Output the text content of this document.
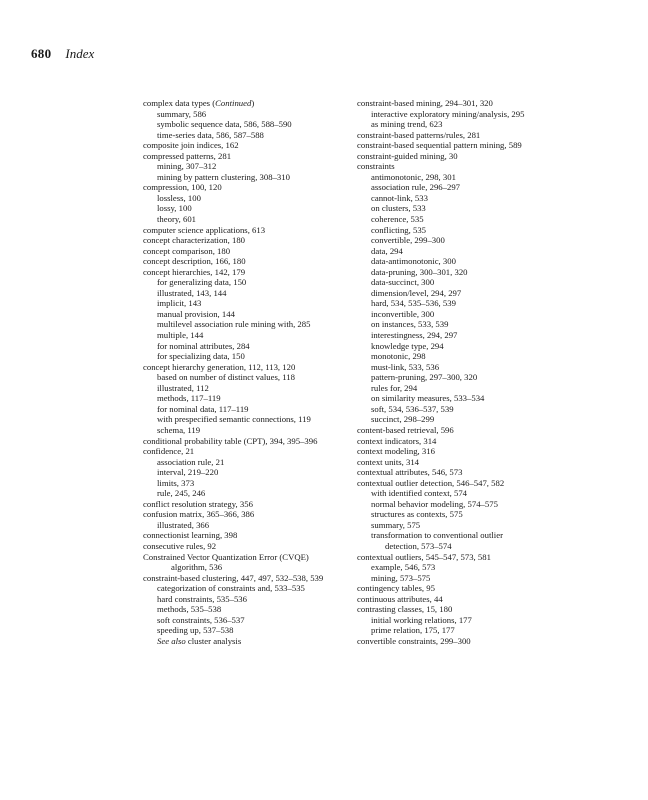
680 Index
complex data types (Continued)
summary, 586
symbolic sequence data, 586, 588–590
time-series data, 586, 587–588
composite join indices, 162
compressed patterns, 281
mining, 307–312
mining by pattern clustering, 308–310
compression, 100, 120
lossless, 100
lossy, 100
theory, 601
computer science applications, 613
concept characterization, 180
concept comparison, 180
concept description, 166, 180
concept hierarchies, 142, 179
for generalizing data, 150
illustrated, 143, 144
implicit, 143
manual provision, 144
multilevel association rule mining with, 285
multiple, 144
for nominal attributes, 284
for specializing data, 150
concept hierarchy generation, 112, 113, 120
based on number of distinct values, 118
illustrated, 112
methods, 117–119
for nominal data, 117–119
with prespecified semantic connections, 119
schema, 119
conditional probability table (CPT), 394, 395–396
confidence, 21
association rule, 21
interval, 219–220
limits, 373
rule, 245, 246
conflict resolution strategy, 356
confusion matrix, 365–366, 386
illustrated, 366
connectionist learning, 398
consecutive rules, 92
Constrained Vector Quantization Error (CVQE)
algorithm, 536
constraint-based clustering, 447, 497, 532–538, 539
categorization of constraints and, 533–535
hard constraints, 535–536
methods, 535–538
soft constraints, 536–537
speeding up, 537–538
See also cluster analysis
constraint-based mining, 294–301, 320
interactive exploratory mining/analysis, 295
as mining trend, 623
constraint-based patterns/rules, 281
constraint-based sequential pattern mining, 589
constraint-guided mining, 30
constraints
antimonotonic, 298, 301
association rule, 296–297
cannot-link, 533
on clusters, 533
coherence, 535
conflicting, 535
convertible, 299–300
data, 294
data-antimonotonic, 300
data-pruning, 300–301, 320
data-succinct, 300
dimension/level, 294, 297
hard, 534, 535–536, 539
inconvertible, 300
on instances, 533, 539
interestingness, 294, 297
knowledge type, 294
monotonic, 298
must-link, 533, 536
pattern-pruning, 297–300, 320
rules for, 294
on similarity measures, 533–534
soft, 534, 536–537, 539
succinct, 298–299
content-based retrieval, 596
context indicators, 314
context modeling, 316
context units, 314
contextual attributes, 546, 573
contextual outlier detection, 546–547, 582
with identified context, 574
normal behavior modeling, 574–575
structures as contexts, 575
summary, 575
transformation to conventional outlier
detection, 573–574
contextual outliers, 545–547, 573, 581
example, 546, 573
mining, 573–575
contingency tables, 95
continuous attributes, 44
contrasting classes, 15, 180
initial working relations, 177
prime relation, 175, 177
convertible constraints, 299–300
